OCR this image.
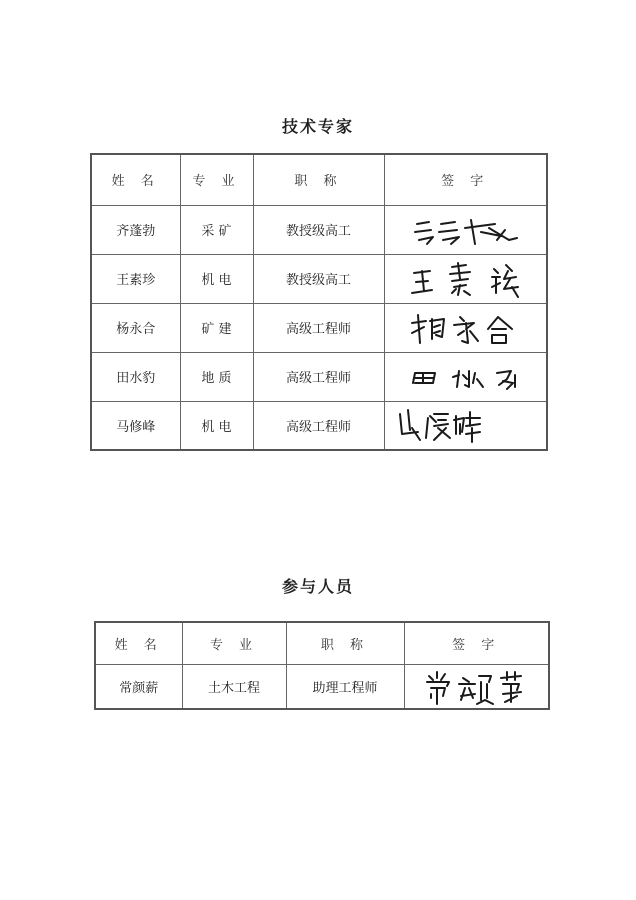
技术专家
姓 名	专 业	职 称	签 字
齐蓬勃	采 矿	教授级高工	

王素珍	机 电	教授级高工	

杨永合	矿 建	高级工程师	

田水豹	地 质	高级工程师	

马修峰	机 电	高级工程师	
参与人员
姓 名	专 业	职 称	签 字
常颜薪	土木工程	助理工程师	
